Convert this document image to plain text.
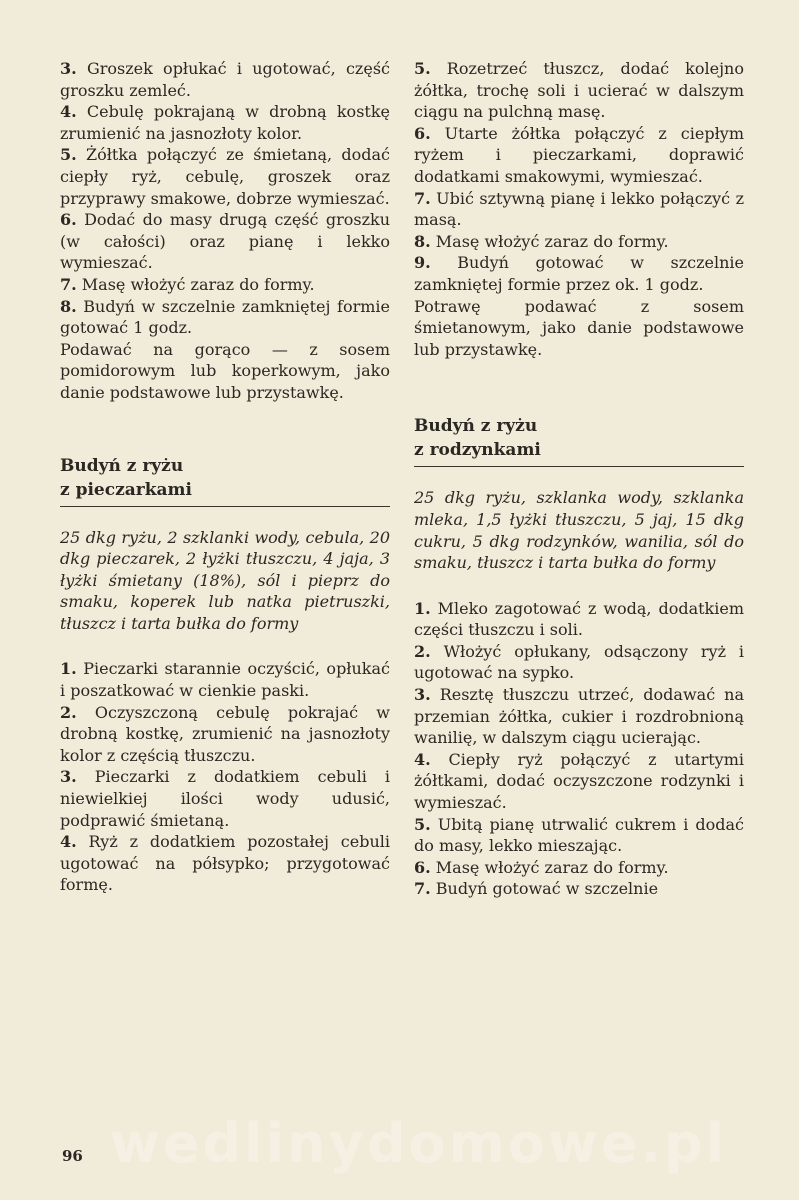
3. Groszek opłukać i ugotować, część groszku zemleć.

4. Cebulę pokrajaną w drobną kostkę zrumienić na jasnozłoty kolor.

5. Żółtka połączyć ze śmietaną, dodać ciepły ryż, cebulę, groszek oraz przyprawy smakowe, dobrze wymieszać.

6. Dodać do masy drugą część groszku (w całości) oraz pianę i lekko wymieszać.

7. Masę włożyć zaraz do formy.

8. Budyń w szczelnie zamkniętej formie gotować 1 godz.

Podawać na gorąco — z sosem pomidorowym lub koperkowym, jako danie podstawowe lub przystawkę.

Budyń z ryżu
z pieczarkami

25 dkg ryżu, 2 szklanki wody, cebula, 20 dkg pieczarek, 2 łyżki tłuszczu, 4 jaja, 3 łyżki śmietany (18%), sól i pieprz do smaku, koperek lub natka pietruszki, tłuszcz i tarta bułka do formy

1. Pieczarki starannie oczyścić, opłukać i poszatkować w cienkie paski.

2. Oczyszczoną cebulę pokrajać w drobną kostkę, zrumienić na jasnozłoty kolor z częścią tłuszczu.

3. Pieczarki z dodatkiem cebuli i niewielkiej ilości wody udusić, podprawić śmietaną.

4. Ryż z dodatkiem pozostałej cebuli ugotować na półsypko; przygotować formę.

5. Rozetrzeć tłuszcz, dodać kolejno żółtka, trochę soli i ucierać w dalszym ciągu na pulchną masę.

6. Utarte żółtka połączyć z ciepłym ryżem i pieczarkami, doprawić dodatkami smakowymi, wymieszać.

7. Ubić sztywną pianę i lekko połączyć z masą.

8. Masę włożyć zaraz do formy.

9. Budyń gotować w szczelnie zamkniętej formie przez ok. 1 godz.

Potrawę podawać z sosem śmietanowym, jako danie podstawowe lub przystawkę.

Budyń z ryżu
z rodzynkami

25 dkg ryżu, szklanka wody, szklanka mleka, 1,5 łyżki tłuszczu, 5 jaj, 15 dkg cukru, 5 dkg rodzynków, wanilia, sól do smaku, tłuszcz i tarta bułka do formy

1. Mleko zagotować z wodą, dodatkiem części tłuszczu i soli.

2. Włożyć opłukany, odsączony ryż i ugotować na sypko.

3. Resztę tłuszczu utrzeć, dodawać na przemian żółtka, cukier i rozdrobnioną wanilię, w dalszym ciągu ucierając.

4. Ciepły ryż połączyć z utartymi żółtkami, dodać oczyszczone rodzynki i wymieszać.

5. Ubitą pianę utrwalić cukrem i dodać do masy, lekko mieszając.

6. Masę włożyć zaraz do formy.

7. Budyń gotować w szczelnie

wedlinydomowe.pl
96
